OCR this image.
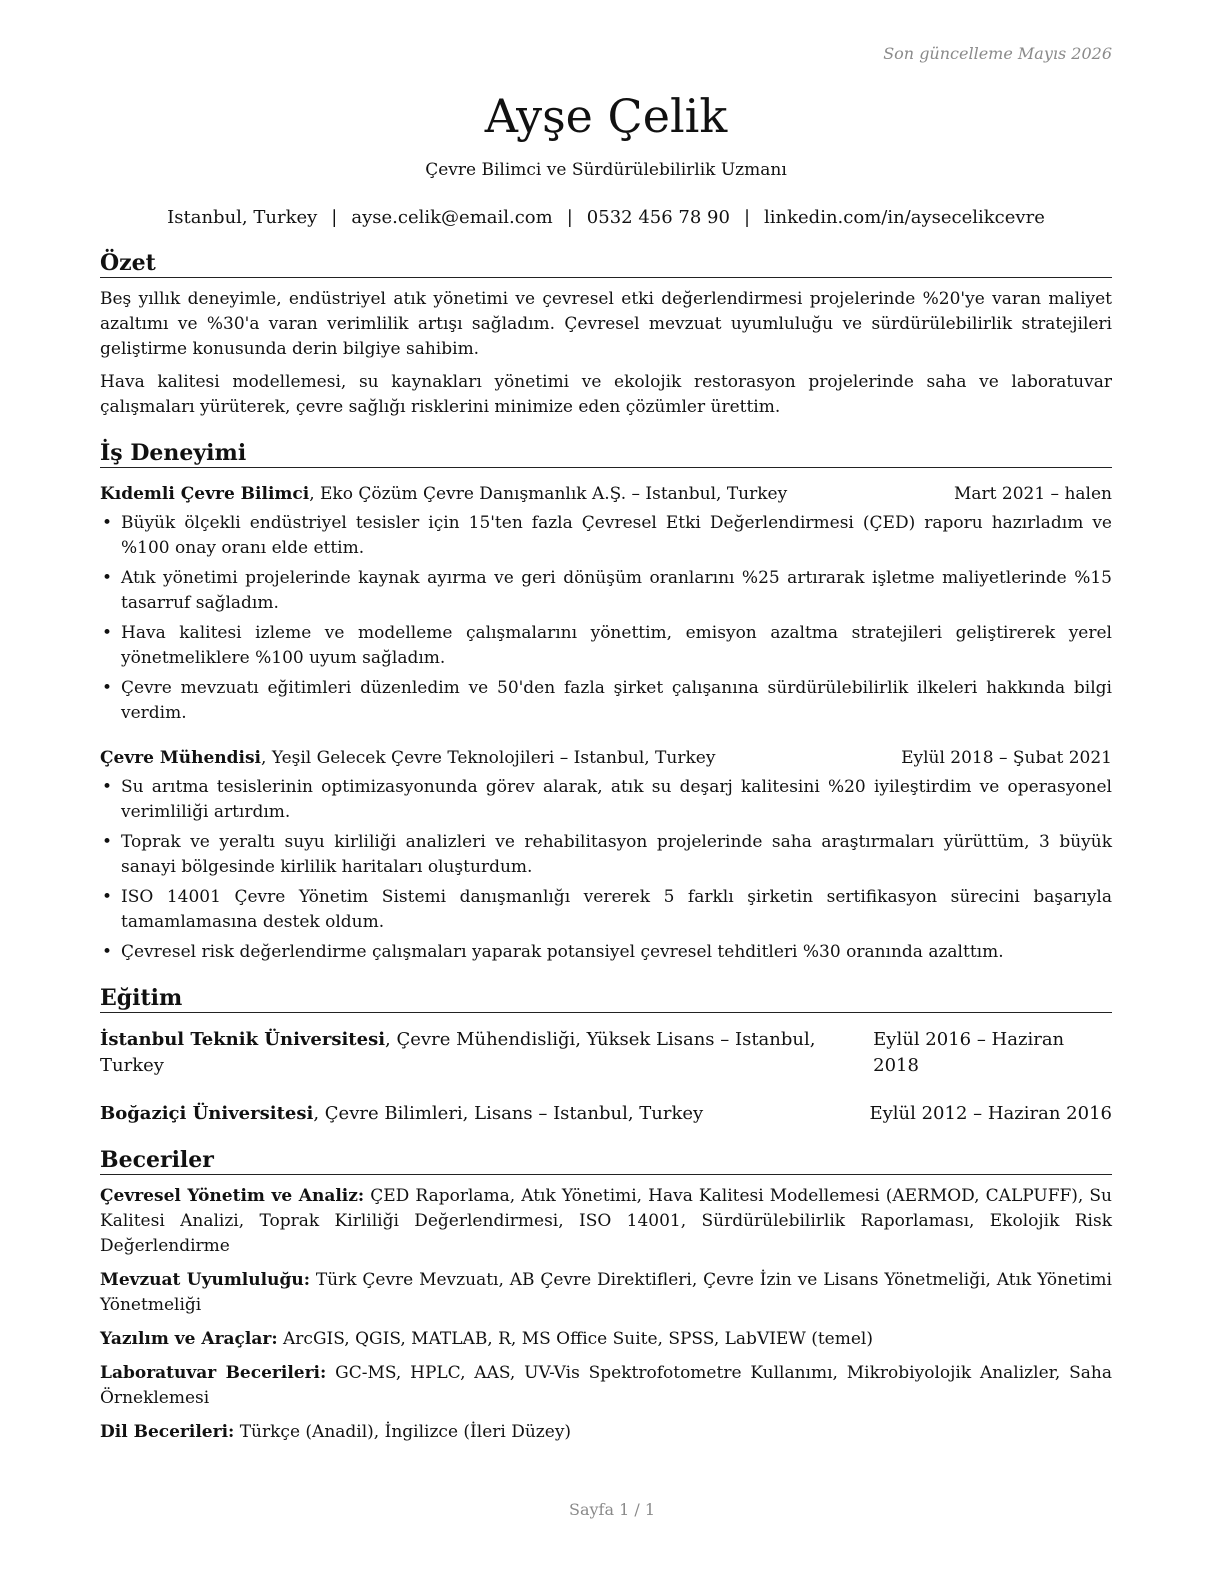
Son güncelleme Mayıs 2026
Ayşe Çelik
Çevre Bilimci ve Sürdürülebilirlik Uzmanı
Istanbul, Turkey | ayse.celik@email.com | 0532 456 78 90 | linkedin.com/in/aysecelikcevre
Özet
Beş yıllık deneyimle, endüstriyel atık yönetimi ve çevresel etki değerlendirmesi projelerinde %20'ye varan maliyet azaltımı ve %30'a varan verimlilik artışı sağladım. Çevresel mevzuat uyumluluğu ve sürdürülebilirlik stratejileri geliştirme konusunda derin bilgiye sahibim.
Hava kalitesi modellemesi, su kaynakları yönetimi ve ekolojik restorasyon projelerinde saha ve laboratuvar çalışmaları yürüterek, çevre sağlığı risklerini minimize eden çözümler ürettim.
İş Deneyimi
Kıdemli Çevre Bilimci, Eko Çözüm Çevre Danışmanlık A.Ş. – Istanbul, Turkey	Mart 2021 – halen
• Büyük ölçekli endüstriyel tesisler için 15'ten fazla Çevresel Etki Değerlendirmesi (ÇED) raporu hazırladım ve %100 onay oranı elde ettim.
• Atık yönetimi projelerinde kaynak ayırma ve geri dönüşüm oranlarını %25 artırarak işletme maliyetlerinde %15 tasarruf sağladım.
• Hava kalitesi izleme ve modelleme çalışmalarını yönettim, emisyon azaltma stratejileri geliştirerek yerel yönetmeliklere %100 uyum sağladım.
• Çevre mevzuatı eğitimleri düzenledim ve 50'den fazla şirket çalışanına sürdürülebilirlik ilkeleri hakkında bilgi verdim.
Çevre Mühendisi, Yeşil Gelecek Çevre Teknolojileri – Istanbul, Turkey	Eylül 2018 – Şubat 2021
• Su arıtma tesislerinin optimizasyonunda görev alarak, atık su deşarj kalitesini %20 iyileştirdim ve operasyonel verimliliği artırdım.
• Toprak ve yeraltı suyu kirliliği analizleri ve rehabilitasyon projelerinde saha araştırmaları yürüttüm, 3 büyük sanayi bölgesinde kirlilik haritaları oluşturdum.
• ISO 14001 Çevre Yönetim Sistemi danışmanlığı vererek 5 farklı şirketin sertifikasyon sürecini başarıyla tamamlamasına destek oldum.
• Çevresel risk değerlendirme çalışmaları yaparak potansiyel çevresel tehditleri %30 oranında azalttım.
Eğitim
İstanbul Teknik Üniversitesi, Çevre Mühendisliği, Yüksek Lisans – Istanbul, Turkey
Eylül 2016 – Haziran 2018
Boğaziçi Üniversitesi, Çevre Bilimleri, Lisans – Istanbul, Turkey	Eylül 2012 – Haziran 2016
Beceriler
Çevresel Yönetim ve Analiz: ÇED Raporlama, Atık Yönetimi, Hava Kalitesi Modellemesi (AERMOD, CALPUFF), Su Kalitesi Analizi, Toprak Kirliliği Değerlendirmesi, ISO 14001, Sürdürülebilirlik Raporlaması, Ekolojik Risk Değerlendirme
Mevzuat Uyumluluğu: Türk Çevre Mevzuatı, AB Çevre Direktifleri, Çevre İzin ve Lisans Yönetmeliği, Atık Yönetimi Yönetmeliği
Yazılım ve Araçlar: ArcGIS, QGIS, MATLAB, R, MS Office Suite, SPSS, LabVIEW (temel)
Laboratuvar Becerileri: GC-MS, HPLC, AAS, UV-Vis Spektrofotometre Kullanımı, Mikrobiyolojik Analizler, Saha Örneklemesi
Dil Becerileri: Türkçe (Anadil), İngilizce (İleri Düzey)
Sayfa 1 / 1
